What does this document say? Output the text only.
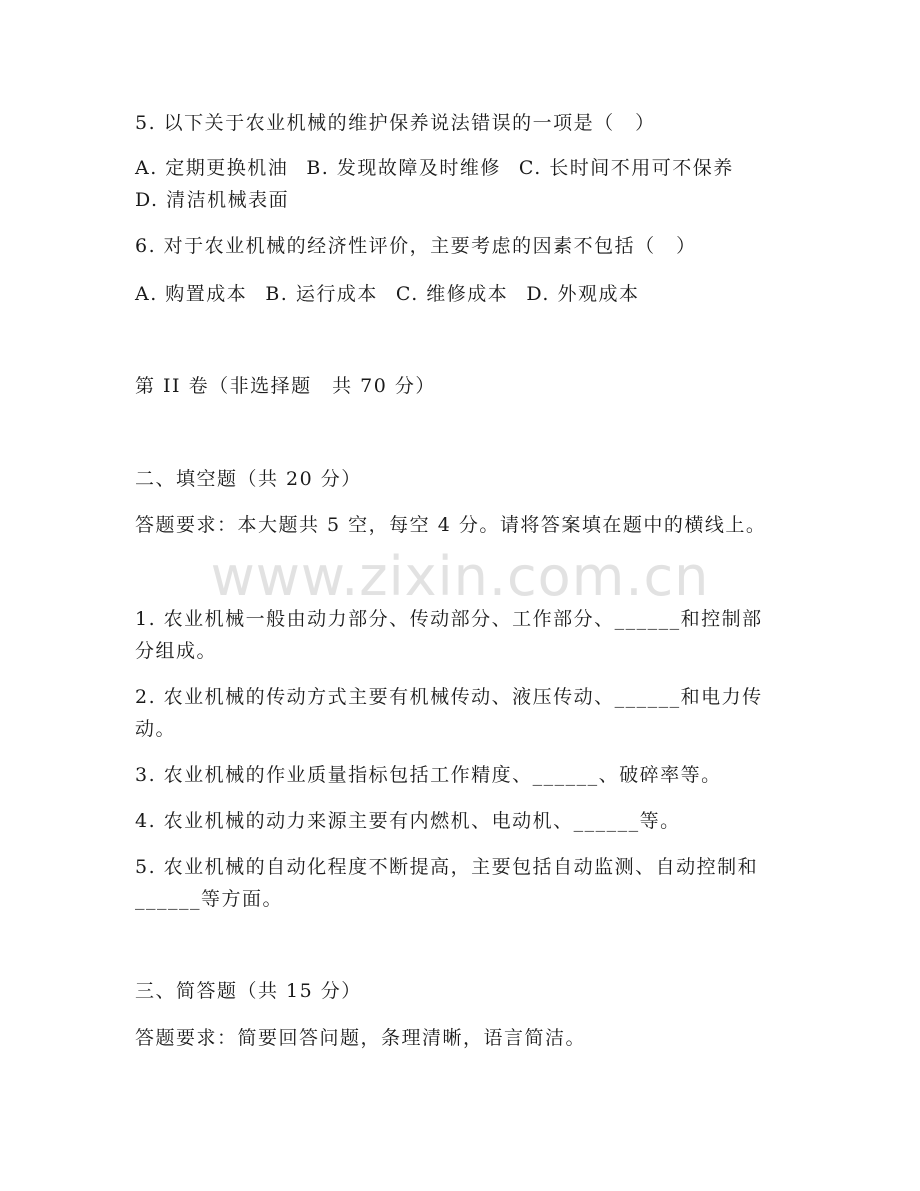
www.zixin.com.cn
5. 以下关于农业机械的维护保养说法错误的一项是（　）
A. 定期更换机油 B. 发现故障及时维修 C. 长时间不用可不保养
D. 清洁机械表面
6. 对于农业机械的经济性评价，主要考虑的因素不包括（　）
A. 购置成本 B. 运行成本 C. 维修成本 D. 外观成本
第 II 卷（非选择题　共 70 分）
二、填空题（共 20 分）
答题要求：本大题共 5 空，每空 4 分。请将答案填在题中的横线上。
1. 农业机械一般由动力部分、传动部分、工作部分、______和控制部
分组成。
2. 农业机械的传动方式主要有机械传动、液压传动、______和电力传
动。
3. 农业机械的作业质量指标包括工作精度、______、破碎率等。
4. 农业机械的动力来源主要有内燃机、电动机、______等。
5. 农业机械的自动化程度不断提高，主要包括自动监测、自动控制和
______等方面。
三、简答题（共 15 分）
答题要求：简要回答问题，条理清晰，语言简洁。
